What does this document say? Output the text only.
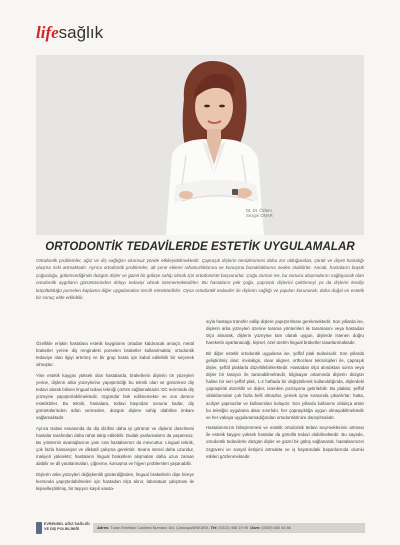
lifesağlık
Dt. Dt. Özlem
Sezgin ONAR
ORTODONTİK TEDAVİLERDE ESTETİK UYGULAMALAR
Ortodontik problemler, ağız ve diş sağlığını olumsuz yönde etkileyebilmektedir. Çapraşık dişlerin temizlenmesi daha zor olduğundan, çürük ve dişeti hastalığı oluşma riski artmaktadır. Ayrıca ortodontik problemler, alt çene eklemi rahatsızlıklarına ve konuşma bozukluklarına neden olabilirler. Ancak, hastaların büyük çoğunluğu, gülümsediğinde düzgün dişler ve güzel bir gülüşe sahip olmak için ortodontiste başvururlar. Çoğu zaman ise, bu sonuca ulaşmalarını sağlayacak olan ortodontik aygıtların görüntüsünden dolayı tedaviyi olmak istememektedirler. Bu hastaların pek çoğu, çapraşık dişlerini çektirmeyi ya da dişlerin kesilip küçültüldüğü porselen kaplama diğer uygulamaları tercih etmektedirler. Oysa ortodontik tedaviler ile dişlerin sağlığı ve yapıları korunarak, daha doğal ve estetik bir sonuç elde edilebilir.

Özellikle erişkin hastalara estetik kaygılarını ortadan kaldıracak amaçlı, metal braketler yerine diş rengindeki porselen braketler kullanılmakta; ortodontik tedaviye olan ilgiyi artırmış ve bir grup hasta için kabul edilebilir bir seçenek olmuştur.

Yine estetik kaygısı yüksek olan hastalarda, braketlerin dişlerin ön yüzeyleri yerine, dişlerin arka yüzeylerine yapıştırıldığı bu teknik olan ve görünmez diş tedavi olarak bilinen lingual tedavi tekniği çözüm sağlamaktadır. DC teriminde diş yüzeyine yapıştırılabilmektedir, özgündür fark edilmemekte ve son derece estetiktirler. Bu teknik, hastalara, tedavi başından sonuna kadar, diş görüntülerinden ödün vermeden, düzgün dişlere sahip olabilme imkanı sağlamaktadır.

Ayrıca tedavi esnasında da diş dizilimi daha iyi görünür ve dişlerin düzelmesi hastalar tarafından daha rahat takip edilebilir. Dudak yanlamaların da yaşanmaz. Bu yöntemin avantajlarının yanı sıra hastalarımız da mevcuttur. Lingual teknik, çok fazla hassasiyet ve dikkatli çalışma gerektirir. Seans süresi daha uzundur, maliyeti yüksektir; hastaların lingual braketlere alışmaları daha uzun zaman alabilir ve dil yaralanmaları, çiğneme, konuşma ve hijyen problemleri yaşanabilir.

Dişlerin arka yüzeyleri değişkenlik gösterdiğinden, lingual braketlerin dişe bireye kısmında yapıştırılabilmeleri için hastadan ölçü alınır, laboratuar çalışması ile kişiselleştirilmiş, bir taşıyıcı kaşık vasıta-

sıyla hastaya transfer edilip dişlere yapıştırılması gerekmektedir. Son yıllarda ise, dişlerin arka yüzeyleri üzerine tarama yöntemleri ile taramasını veya hastadan ölçü alınarak, dişlerin yüzeyine tam olarak uygun, dişlerde istenen doğru hareketin ayarlanacağı, kişisel, özel üretim lingual braketler tasarlanmaktadır.

Bir diğer estetik ortodontik uygulama ise, şeffaf plak tedavisidir. Son yıllarda geliştirilmiş olan; invisalign, clear aligner, orthoclear teknolojileri ile, çapraşık dişler, şeffaf plaklarla düzeltilebilmektedir. Hastadan ölçü alındıktan sonra veya dişler bir tarayıcı ile taranabilmektedir, bilgisayar ortamında dişlerin düzgün haline bir seri şeffaf plak, 1-2 haftada bir değiştirilerek kullanıldığında, dişlerdeki çapraşıklık düzeltilir ve dişler, istenilen pozisyona getirilebilir. Bu plaklar, şeffaf olduklarından çok fazla belli olmazlar, yemek içme sırasında çıkarılırlar; hatta, aciliyet yapmazlar ve kullanımları kolaydır. Son yıllarda kullanımı oldukça artan bu tekniğin uygulama alanı sınırlıdır, her çapraşıklığa uygun olmayabilmektedir ve her vakaya uygulanamadığından ortodontistinize danışılmalıdır.

Hastalarımızın bilinçlenmesi ve estetik ortodontik tedavi seçeneklerinin artması ile estetik kaygısı yüksek hastalar da gönüllü tedavi olabilmektedir. Bu sayede, ortodontik tedavilerle düzgün dişler ve güzel bir gülüş sağlanarak, hastalarımızın özgüveni ve sosyal iletişimi artmakta ve iş hayatındaki başarılarında olumlu etkileri gözlenmektedir.

EVRENSEL AĞIZ SAĞLIĞI
VE DİŞ POLİKLİNİĞİ	Adres: Turan Emeksiz Caddesi Numara: 6/4, Çankaya/ANKARA Tel: (0312) 466 19 95 Gsm: (0530) 650 48 86
